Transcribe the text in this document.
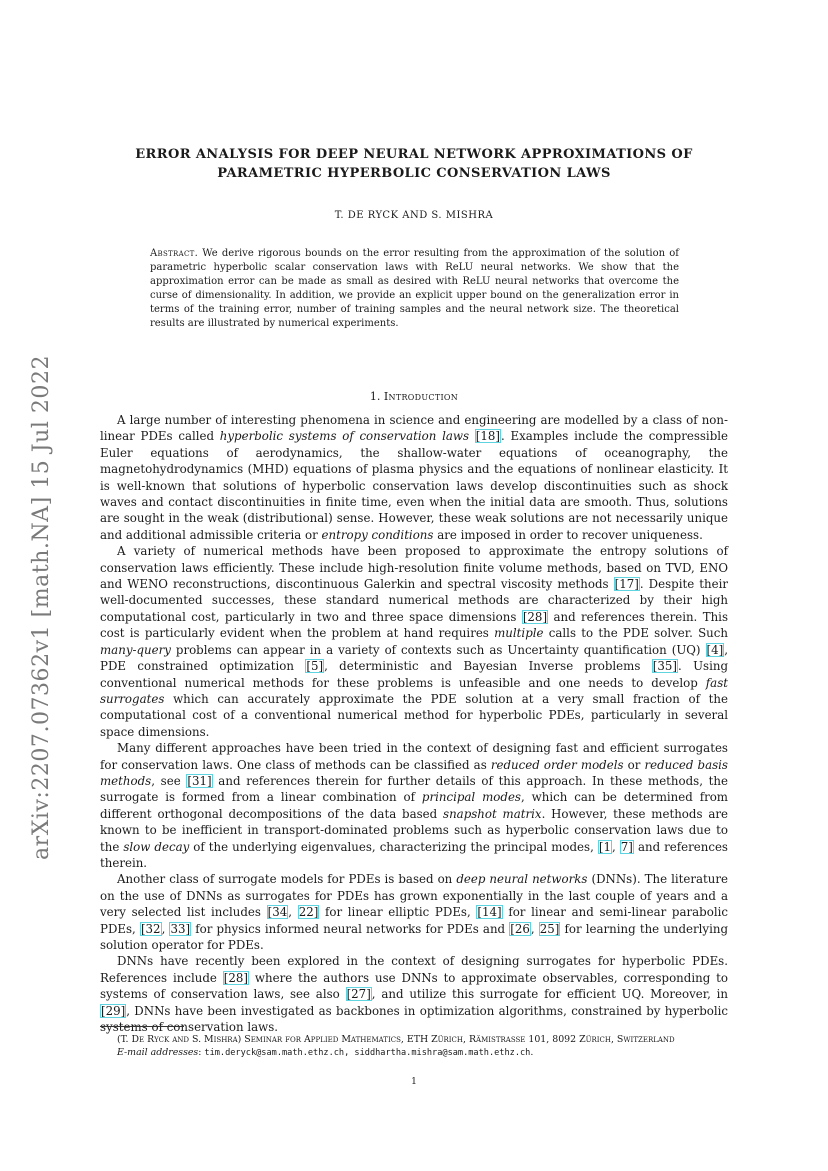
arXiv:2207.07362v1 [math.NA] 15 Jul 2022
ERROR ANALYSIS FOR DEEP NEURAL NETWORK APPROXIMATIONS OF
PARAMETRIC HYPERBOLIC CONSERVATION LAWS
T. DE RYCK AND S. MISHRA
Abstract. We derive rigorous bounds on the error resulting from the approximation of the solution of parametric hyperbolic scalar conservation laws with ReLU neural networks. We show that the approximation error can be made as small as desired with ReLU neural networks that overcome the curse of dimensionality. In addition, we provide an explicit upper bound on the generalization error in terms of the training error, number of training samples and the neural network size. The theoretical results are illustrated by numerical experiments.
1. Introduction

A large number of interesting phenomena in science and engineering are modelled by a class of non-linear PDEs called hyperbolic systems of conservation laws [18]. Examples include the compressible Euler equations of aerodynamics, the shallow-water equations of oceanography, the magnetohydrodynamics (MHD) equations of plasma physics and the equations of nonlinear elasticity. It is well-known that solutions of hyperbolic conservation laws develop discontinuities such as shock waves and contact discontinuities in finite time, even when the initial data are smooth. Thus, solutions are sought in the weak (distributional) sense. However, these weak solutions are not necessarily unique and additional admissible criteria or entropy conditions are imposed in order to recover uniqueness.

A variety of numerical methods have been proposed to approximate the entropy solutions of conservation laws efficiently. These include high-resolution finite volume methods, based on TVD, ENO and WENO reconstructions, discontinuous Galerkin and spectral viscosity methods [17]. Despite their well-documented successes, these standard numerical methods are characterized by their high computational cost, particularly in two and three space dimensions [28] and references therein. This cost is particularly evident when the problem at hand requires multiple calls to the PDE solver. Such many-query problems can appear in a variety of contexts such as Uncertainty quantification (UQ) [4], PDE constrained optimization [5], deterministic and Bayesian Inverse problems [35]. Using conventional numerical methods for these problems is unfeasible and one needs to develop fast surrogates which can accurately approximate the PDE solution at a very small fraction of the computational cost of a conventional numerical method for hyperbolic PDEs, particularly in several space dimensions.

Many different approaches have been tried in the context of designing fast and efficient surrogates for conservation laws. One class of methods can be classified as reduced order models or reduced basis methods, see [31] and references therein for further details of this approach. In these methods, the surrogate is formed from a linear combination of principal modes, which can be determined from different orthogonal decompositions of the data based snapshot matrix. However, these methods are known to be inefficient in transport-dominated problems such as hyperbolic conservation laws due to the slow decay of the underlying eigenvalues, characterizing the principal modes, [1, 7] and references therein.

Another class of surrogate models for PDEs is based on deep neural networks (DNNs). The literature on the use of DNNs as surrogates for PDEs has grown exponentially in the last couple of years and a very selected list includes [34, 22] for linear elliptic PDEs, [14] for linear and semi-linear parabolic PDEs, [32, 33] for physics informed neural networks for PDEs and [26, 25] for learning the underlying solution operator for PDEs.

DNNs have recently been explored in the context of designing surrogates for hyperbolic PDEs. References include [28] where the authors use DNNs to approximate observables, corresponding to systems of conservation laws, see also [27], and utilize this surrogate for efficient UQ. Moreover, in [29], DNNs have been investigated as backbones in optimization algorithms, constrained by hyperbolic systems of conservation laws.

(T. De Ryck and S. Mishra) Seminar for Applied Mathematics, ETH Zürich, Rämistrasse 101, 8092 Zürich, Switzerland

E-mail addresses: tim.deryck@sam.math.ethz.ch, siddhartha.mishra@sam.math.ethz.ch.

1
